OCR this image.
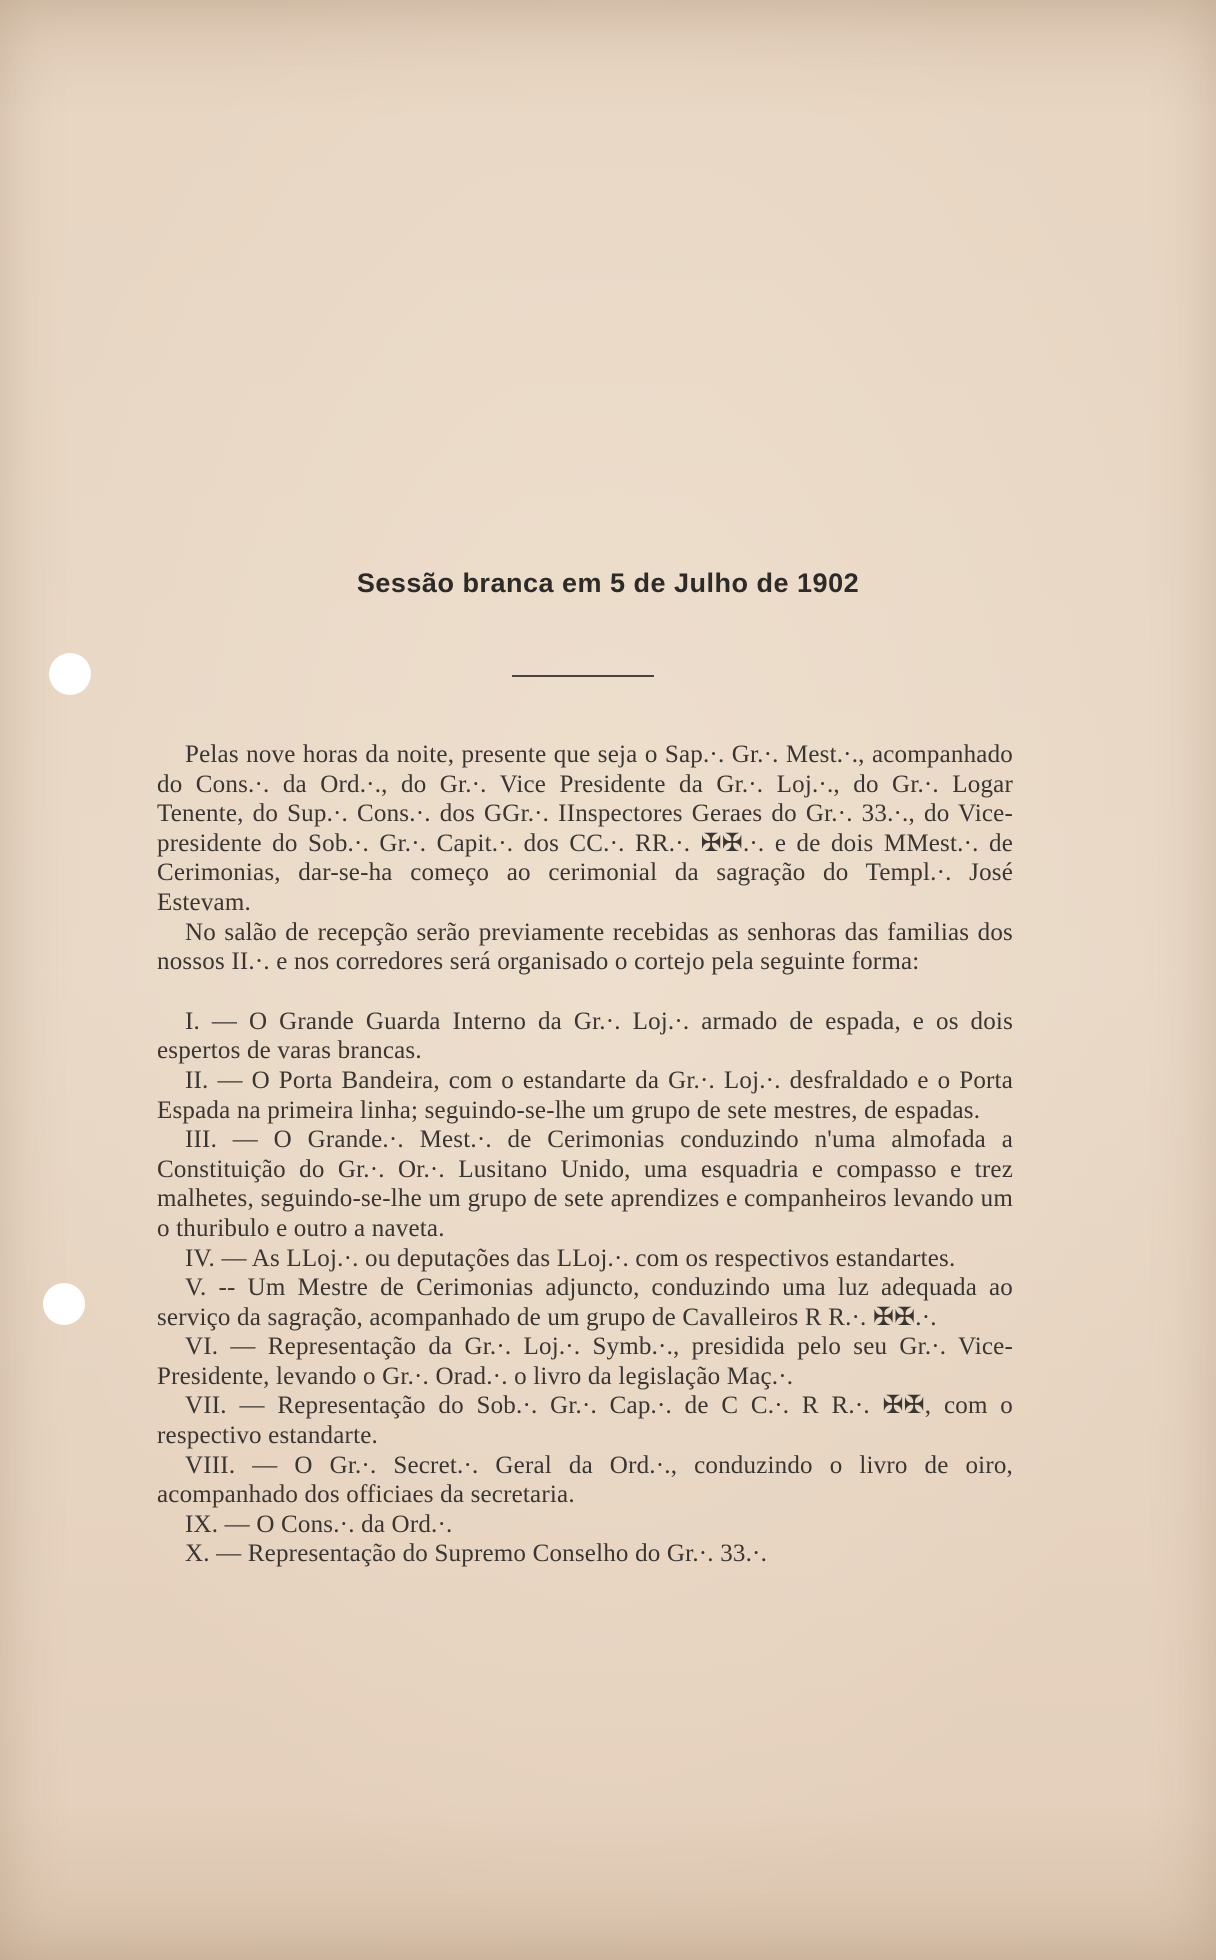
Sessão branca em 5 de Julho de 1902

Pelas nove horas da noite, presente que seja o Sap.·. Gr.·. Mest.·., acompanhado do Cons.·. da Ord.·., do Gr.·. Vice Presidente da Gr.·. Loj.·., do Gr.·. Logar Tenente, do Sup.·. Cons.·. dos GGr.·. IInspectores Geraes do Gr.·. 33.·., do Vice-presidente do Sob.·. Gr.·. Capit.·. dos CC.·. RR.·. ✠✠.·. e de dois MMest.·. de Cerimonias, dar-se-ha começo ao cerimonial da sagração do Templ.·. José Estevam.

No salão de recepção serão previamente recebidas as senhoras das familias dos nossos II.·. e nos corredores será organisado o cortejo pela seguinte forma:

I. — O Grande Guarda Interno da Gr.·. Loj.·. armado de espada, e os dois espertos de varas brancas.

II. — O Porta Bandeira, com o estandarte da Gr.·. Loj.·. desfraldado e o Porta Espada na primeira linha; seguindo-se-lhe um grupo de sete mestres, de espadas.

III. — O Grande.·. Mest.·. de Cerimonias conduzindo n'uma almofada a Constituição do Gr.·. Or.·. Lusitano Unido, uma esquadria e compasso e trez malhetes, seguindo-se-lhe um grupo de sete aprendizes e companheiros levando um o thuribulo e outro a naveta.

IV. — As LLoj.·. ou deputações das LLoj.·. com os respectivos estandartes.

V. -- Um Mestre de Cerimonias adjuncto, conduzindo uma luz adequada ao serviço da sagração, acompanhado de um grupo de Cavalleiros R R.·. ✠✠.·.

VI. — Representação da Gr.·. Loj.·. Symb.·., presidida pelo seu Gr.·. Vice-Presidente, levando o Gr.·. Orad.·. o livro da legislação Maç.·.

VII. — Representação do Sob.·. Gr.·. Cap.·. de C C.·. R R.·. ✠✠, com o respectivo estandarte.

VIII. — O Gr.·. Secret.·. Geral da Ord.·., conduzindo o livro de oiro, acompanhado dos officiaes da secretaria.

IX. — O Cons.·. da Ord.·.

X. — Representação do Supremo Conselho do Gr.·. 33.·.
